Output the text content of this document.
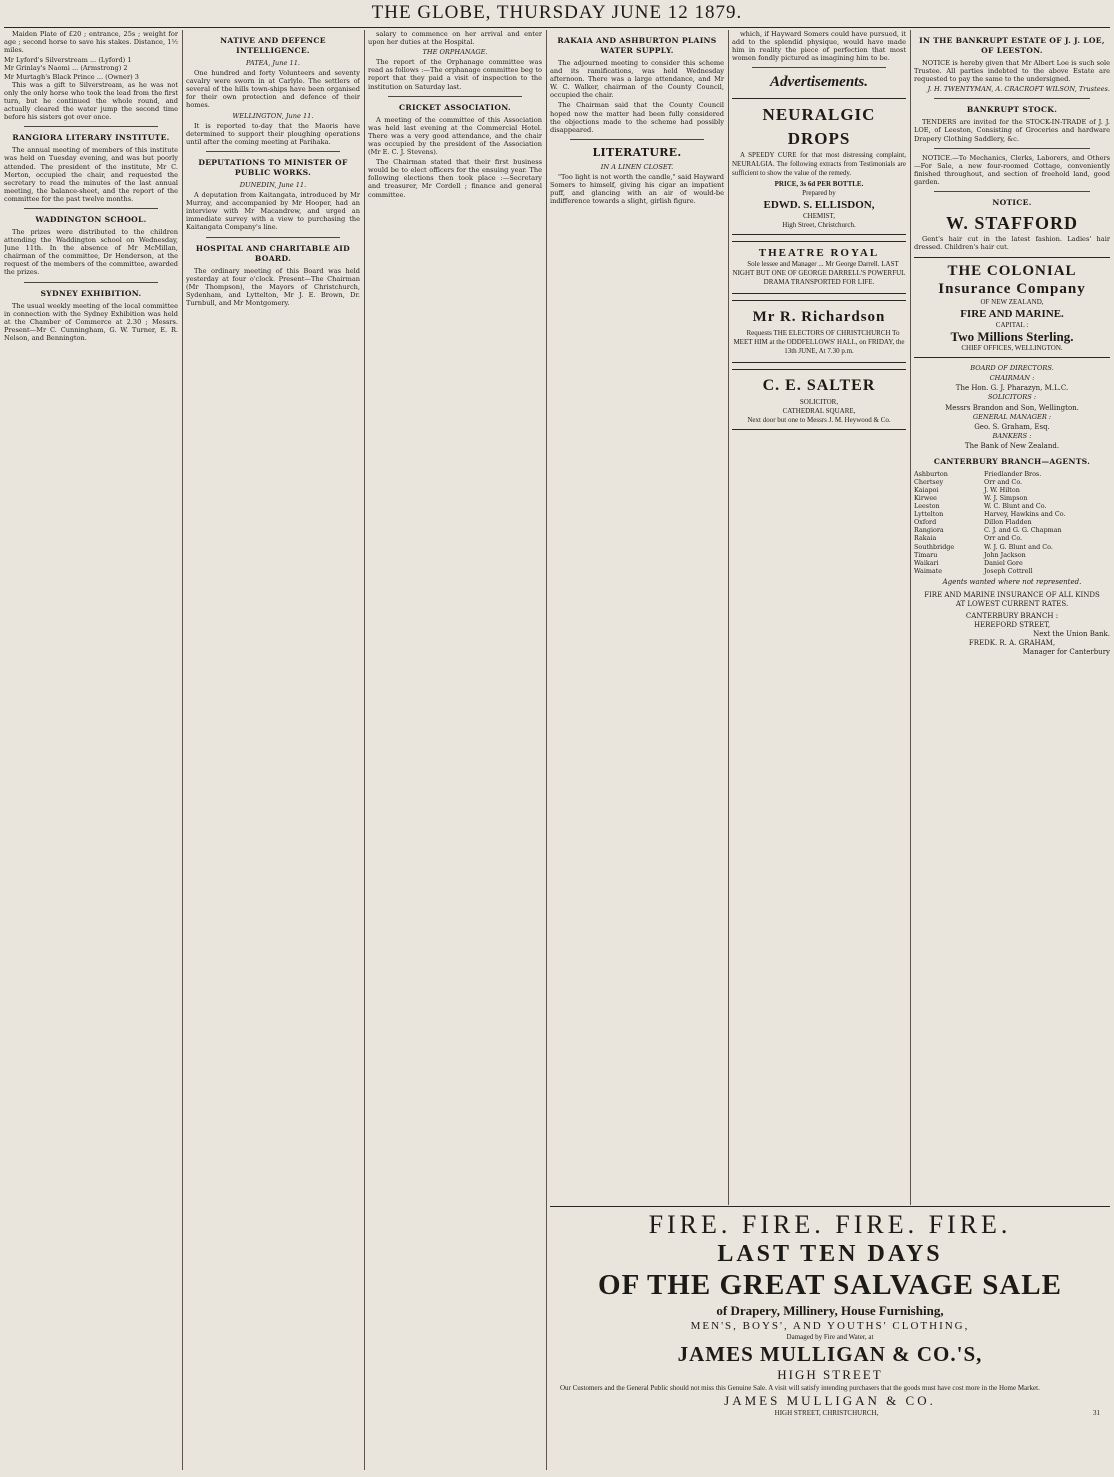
THE GLOBE, THURSDAY JUNE 12 1879.

Maiden Plate of £20 ; entrance, 25s ; weight for age ; second horse to save his stakes. Distance, 1½ miles.

Mr Lyford's Silverstream ... (Lyford) 1
Mr Grinlay's Naomi ... (Armstrong) 2
Mr Murtagh's Black Prince ... (Owner) 3

This was a gift to Silverstream, as he was not only the only horse who took the lead from the first turn, but he continued the whole round, and actually cleared the water jump the second time before his sisters got over once.

RANGIORA LITERARY INSTITUTE.

The annual meeting of members of this institute was held on Tuesday evening, and was but poorly attended. The president of the institute, Mr C. Merton, occupied the chair, and requested the secretary to read the minutes of the last annual meeting, the balance-sheet, and the report of the committee for the past twelve months.

WADDINGTON SCHOOL.

The prizes were distributed to the children attending the Waddington school on Wednesday, June 11th. In the absence of Mr McMillan, chairman of the committee, Dr Henderson, at the request of the members of the committee, awarded the prizes.

SYDNEY EXHIBITION.

The usual weekly meeting of the local committee in connection with the Sydney Exhibition was held at the Chamber of Commerce at 2.30 ; Messrs. Present—Mr C. Cunningham, G. W. Turner, E. R. Nelson, and Bennington.

NATIVE AND DEFENCE INTELLIGENCE.
PATEA, June 11.

One hundred and forty Volunteers and seventy cavalry were sworn in at Carlyle. The settlers of several of the hills town-ships have been organised for their own protection and defence of their homes.

WELLINGTON, June 11.

It is reported to-day that the Maoris have determined to support their ploughing operations until after the coming meeting at Parihaka.

DEPUTATIONS TO MINISTER OF PUBLIC WORKS.
DUNEDIN, June 11.

A deputation from Kaitangata, introduced by Mr Murray, and accompanied by Mr Hooper, had an interview with Mr Macandrew, and urged an immediate survey with a view to purchasing the Kaitangata Company's line.

HOSPITAL AND CHARITABLE AID BOARD.

The ordinary meeting of this Board was held yesterday at four o'clock. Present—The Chairman (Mr Thompson), the Mayors of Christchurch, Sydenham, and Lyttelton, Mr J. E. Brown, Dr. Turnbull, and Mr Montgomery.

salary to commence on her arrival and enter upon her duties at the Hospital.

THE ORPHANAGE.

The report of the Orphanage committee was read as follows :—The orphanage committee beg to report that they paid a visit of inspection to the institution on Saturday last.

CRICKET ASSOCIATION.

A meeting of the committee of this Association was held last evening at the Commercial Hotel. There was a very good attendance, and the chair was occupied by the president of the Association (Mr E. C. J. Stevens).

The Chairman stated that their first business would be to elect officers for the ensuing year. The following elections then took place :—Secretary and treasurer, Mr Cordell ; finance and general committee.

RAKAIA AND ASHBURTON PLAINS WATER SUPPLY.

The adjourned meeting to consider this scheme and its ramifications, was held Wednesday afternoon. There was a large attendance, and Mr W. C. Walker, chairman of the County Council, occupied the chair.

The Chairman said that the County Council hoped now the matter had been fully considered the objections made to the scheme had possibly disappeared.

LITERATURE.
IN A LINEN CLOSET.

"Too light is not worth the candle," said Hayward Somers to himself, giving his cigar an impatient puff, and glancing with an air of would-be indifference towards a slight, girlish figure.

which, if Hayward Somers could have pursued, it add to the splendid physique, would have made him in reality the piece of perfection that most women fondly pictured as imagining him to be.

Advertisements.
NEURALGIC DROPS

A SPEEDY CURE for that most distressing complaint, NEURALGIA. The following extracts from Testimonials are sufficient to show the value of the remedy.

PRICE, 3s 6d PER BOTTLE.
Prepared by
EDWD. S. ELLISDON,
CHEMIST,
High Street, Christchurch.
THEATRE ROYAL

Sole lessee and Manager ... Mr George Darrell. LAST NIGHT BUT ONE OF GEORGE DARRELL'S POWERFUL DRAMA TRANSPORTED FOR LIFE.

Mr R. Richardson

Requests THE ELECTORS OF CHRISTCHURCH To MEET HIM at the ODDFELLOWS' HALL, on FRIDAY, the 13th JUNE, At 7.30 p.m.

C. E. SALTER
SOLICITOR,
CATHEDRAL SQUARE,
Next door but one to Messrs J. M. Heywood & Co.
IN THE BANKRUPT ESTATE OF J. J. LOE, OF LEESTON.

NOTICE is hereby given that Mr Albert Loe is such sole Trustee. All parties indebted to the above Estate are requested to pay the same to the undersigned.

J. H. TWENTYMAN, A. CRACROFT WILSON, Trustees.
BANKRUPT STOCK.

TENDERS are invited for the STOCK-IN-TRADE of J. J. LOE, of Leeston, Consisting of Groceries and hardware Drapery Clothing Saddlery, &c.

NOTICE.—To Mechanics, Clerks, Laborers, and Others—For Sale, a new four-roomed Cottage, conveniently finished throughout, and section of freehold land, good garden.

NOTICE.
W. STAFFORD

Gent's hair cut in the latest fashion. Ladies' hair dressed. Children's hair cut.

THE COLONIAL Insurance Company
OF NEW ZEALAND,
FIRE AND MARINE.
CAPITAL :
Two Millions Sterling.
CHIEF OFFICES, WELLINGTON.
BOARD OF DIRECTORS.
CHAIRMAN :
The Hon. G. J. Pharazyn, M.L.C.
SOLICITORS :
Messrs Brandon and Son, Wellington.
GENERAL MANAGER :
Geo. S. Graham, Esq.
BANKERS :
The Bank of New Zealand.
CANTERBURY BRANCH—AGENTS.
Ashburton	Friedlander Bros.
Chertsey	Orr and Co.
Kaiapoi	J. W. Hilton
Kirwee	W. J. Simpson
Leeston	W. C. Blunt and Co.
Lyttelton	Harvey, Hawkins and Co.
Oxford	Dillon Fladden
Rangiora	C. J. and G. G. Chapman
Rakaia	Orr and Co.
Southbridge	W. J. G. Blunt and Co.
Timaru	John Jackson
Waikari	Daniel Gore
Waimate	Joseph Cottrell
Agents wanted where not represented.
FIRE AND MARINE INSURANCE OF ALL KINDS
AT LOWEST CURRENT RATES.
CANTERBURY BRANCH :
HEREFORD STREET,
Next the Union Bank.
FREDK. R. A. GRAHAM,
Manager for Canterbury
FIRE. FIRE. FIRE. FIRE.
LAST TEN DAYS
OF THE GREAT SALVAGE SALE
of Drapery, Millinery, House Furnishing,
MEN'S, BOYS', AND YOUTHS' CLOTHING,
Damaged by Fire and Water, at
JAMES MULLIGAN & CO.'S,
HIGH STREET
Our Customers and the General Public should not miss this Genuine Sale. A visit will satisfy intending purchasers that the goods must have cost more in the Home Market.
JAMES MULLIGAN & CO.
HIGH STREET, CHRISTCHURCH,	31
